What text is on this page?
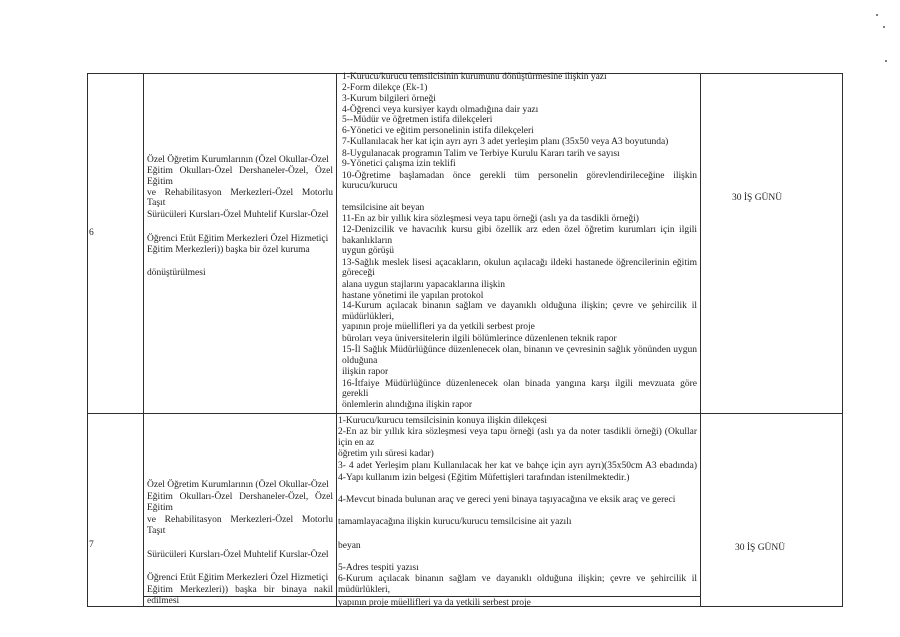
6
Özel Öğretim Kurumlarının (Özel Okullar-Özel
Eğitim Okulları-Özel Dershaneler-Özel, Özel
Eğitim
ve Rehabilitasyon Merkezleri-Özel Motorlu
Taşıt
Sürücüleri Kursları-Özel Muhtelif Kurslar-Özel
Öğrenci Etüt Eğitim Merkezleri Özel Hizmetiçi
Eğitim Merkezleri)) başka bir özel kuruma
dönüştürülmesi
1-Kurucu/kurucu temsilcisinin kurumunu dönüştürmesine ilişkin yazı
2-Form dilekçe (Ek-1)
3-Kurum bilgileri örneği
4-Öğrenci veya kursiyer kaydı olmadığına dair yazı
5--Müdür ve öğretmen istifa dilekçeleri
6-Yönetici ve eğitim personelinin istifa dilekçeleri
7-Kullanılacak her kat için ayrı ayrı 3 adet yerleşim planı (35x50 veya A3 boyutunda)
8-Uygulanacak programın Talim ve Terbiye Kurulu Kararı tarih ve sayısı
9-Yönetici çalışma izin teklifi
10-Öğretime başlamadan önce gerekli tüm personelin görevlendirileceğine ilişkin
kurucu/kurucu
temsilcisine ait beyan
11-En az bir yıllık kira sözleşmesi veya tapu örneği (aslı ya da tasdikli örneği)
12-Denizcilik ve havacılık kursu gibi özellik arz eden özel öğretim kurumları için ilgili
bakanlıkların
uygun görüşü
13-Sağlık meslek lisesi açacakların, okulun açılacağı ildeki hastanede öğrencilerinin eğitim
göreceği
alana uygun stajlarını yapacaklarına ilişkin
hastane yönetimi ile yapılan protokol
14-Kurum açılacak binanın sağlam ve dayanıklı olduğuna ilişkin; çevre ve şehircilik il
müdürlükleri,
yapının proje müellifleri ya da yetkili serbest proje
büroları veya üniversitelerin ilgili bölümlerince düzenlenen teknik rapor
15-İl Sağlık Müdürlüğünce düzenlenecek olan, binanın ve çevresinin sağlık yönünden uygun
olduğuna
ilişkin rapor
16-İtfaiye Müdürlüğünce düzenlenecek olan binada yangına karşı ilgili mevzuata göre
gerekli
önlemlerin alındığına ilişkin rapor
30 İŞ GÜNÜ
7
Özel Öğretim Kurumlarının (Özel Okullar-Özel
Eğitim Okulları-Özel Dershaneler-Özel, Özel
Eğitim
ve Rehabilitasyon Merkezleri-Özel Motorlu
Taşıt
Sürücüleri Kursları-Özel Muhtelif Kurslar-Özel
Öğrenci Etüt Eğitim Merkezleri Özel Hizmetiçi
Eğitim Merkezleri)) başka bir binaya nakil
edilmesi
1-Kurucu/kurucu temsilcisinin konuya ilişkin dilekçesi
2-En az bir yıllık kira sözleşmesi veya tapu örneği (aslı ya da noter tasdikli örneği) (Okullar
için en az
öğretim yılı süresi kadar)
3- 4 adet Yerleşim planı Kullanılacak her kat ve bahçe için ayrı ayrı)(35x50cm A3 ebadında)
4-Yapı kullanım izin belgesi (Eğitim Müfettişleri tarafından istenilmektedir.)
4-Mevcut binada bulunan araç ve gereci yeni binaya taşıyacağına ve eksik araç ve gereci
tamamlayacağına ilişkin kurucu/kurucu temsilcisine ait yazılı
beyan
5-Adres tespiti yazısı
6-Kurum açılacak binanın sağlam ve dayanıklı olduğuna ilişkin; çevre ve şehircilik il
müdürlükleri,
yapının proje müellifleri ya da yetkili serbest proje
30 İŞ GÜNÜ
